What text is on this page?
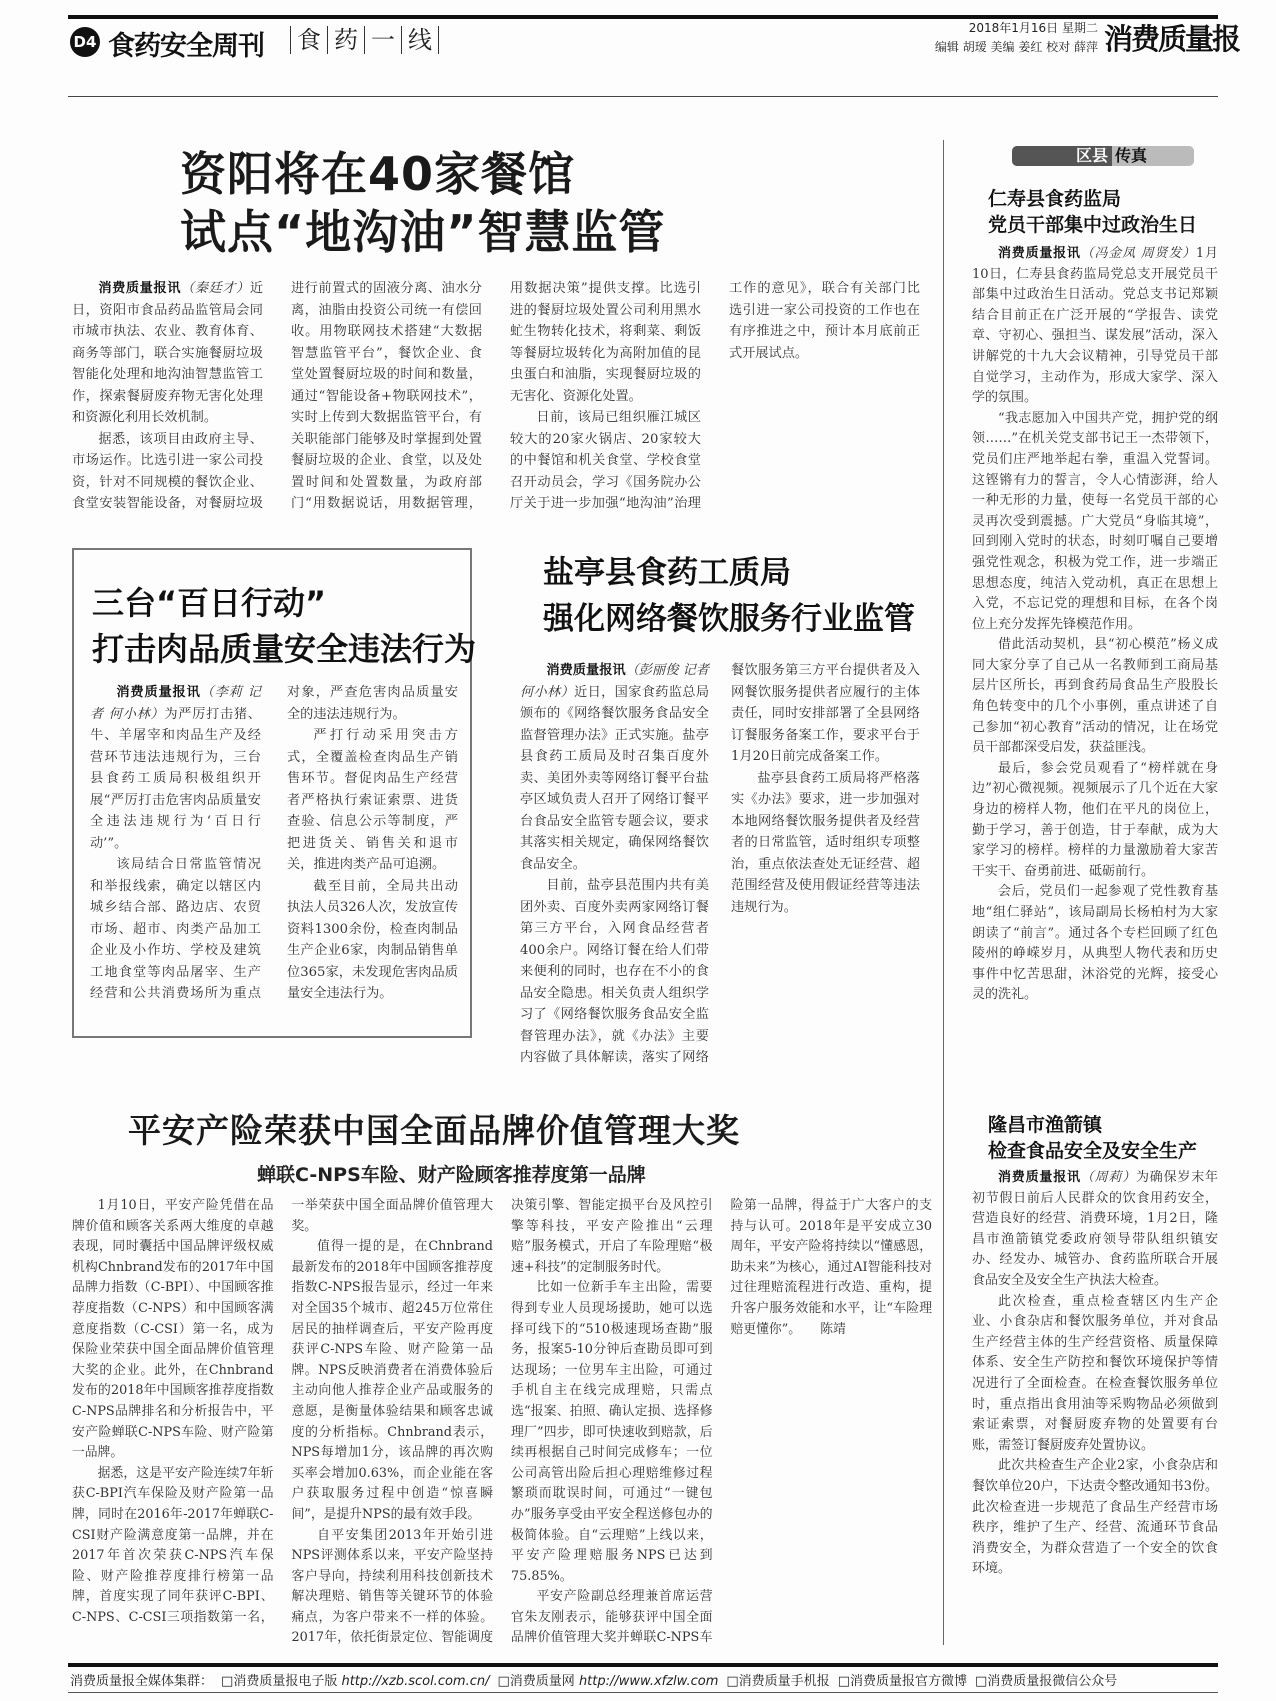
D4 食药安全周刊 食 药 一 线	2018年1月16日 星期二
编辑 胡瑷 美编 姜红 校对 薛萍 消费质量报
资阳将在40家餐馆
试点“地沟油”智慧监管

消费质量报讯（秦廷才）近日，资阳市食品药品监管局会同市城市执法、农业、教育体育、商务等部门，联合实施餐厨垃圾智能化处理和地沟油智慧监管工作，探索餐厨废弃物无害化处理和资源化利用长效机制。

据悉，该项目由政府主导、市场运作。比选引进一家公司投资，针对不同规模的餐饮企业、食堂安装智能设备，对餐厨垃圾进行前置式的固液分离、油水分离，油脂由投资公司统一有偿回收。用物联网技术搭建“大数据智慧监管平台”，餐饮企业、食堂处置餐厨垃圾的时间和数量，通过“智能设备+物联网技术”，实时上传到大数据监管平台，有关职能部门能够及时掌握到处置餐厨垃圾的企业、食堂，以及处置时间和处置数量，为政府部门“用数据说话，用数据管理，用数据决策”提供支撑。比选引进的餐厨垃圾处置公司利用黑水虻生物转化技术，将剩菜、剩饭等餐厨垃圾转化为高附加值的昆虫蛋白和油脂，实现餐厨垃圾的无害化、资源化处置。

日前，该局已组织雁江城区较大的20家火锅店、20家较大的中餐馆和机关食堂、学校食堂召开动员会，学习《国务院办公厅关于进一步加强“地沟油”治理工作的意见》，联合有关部门比选引进一家公司投资的工作也在有序推进之中，预计本月底前正式开展试点。

三台“百日行动”
打击肉品质量安全违法行为

消费质量报讯（李莉 记者 何小林）为严厉打击猪、牛、羊屠宰和肉品生产及经营环节违法违规行为，三台县食药工质局积极组织开展“严厉打击危害肉品质量安全违法违规行为‘百日行动’”。

该局结合日常监管情况和举报线索，确定以辖区内城乡结合部、路边店、农贸市场、超市、肉类产品加工企业及小作坊、学校及建筑工地食堂等肉品屠宰、生产经营和公共消费场所为重点对象，严查危害肉品质量安全的违法违规行为。

严打行动采用突击方式，全覆盖检查肉品生产销售环节。督促肉品生产经营者严格执行索证索票、进货查验、信息公示等制度，严把进货关、销售关和退市关，推进肉类产品可追溯。

截至目前，全局共出动执法人员326人次，发放宣传资料1300余份，检查肉制品生产企业6家，肉制品销售单位365家，未发现危害肉品质量安全违法行为。

盐亭县食药工质局
强化网络餐饮服务行业监管

消费质量报讯（彭丽俊 记者 何小林）近日，国家食药监总局颁布的《网络餐饮服务食品安全监督管理办法》正式实施。盐亭县食药工质局及时召集百度外卖、美团外卖等网络订餐平台盐亭区域负责人召开了网络订餐平台食品安全监管专题会议，要求其落实相关规定，确保网络餐饮食品安全。

目前，盐亭县范围内共有美团外卖、百度外卖两家网络订餐第三方平台，入网食品经营者400余户。网络订餐在给人们带来便利的同时，也存在不小的食品安全隐患。相关负责人组织学习了《网络餐饮服务食品安全监督管理办法》，就《办法》主要内容做了具体解读，落实了网络餐饮服务第三方平台提供者及入网餐饮服务提供者应履行的主体责任，同时安排部署了全县网络订餐服务备案工作，要求平台于1月20日前完成备案工作。

盐亭县食药工质局将严格落实《办法》要求，进一步加强对本地网络餐饮服务提供者及经营者的日常监管，适时组织专项整治，重点依法查处无证经营、超范围经营及使用假证经营等违法违规行为。

区县 传真
仁寿县食药监局
党员干部集中过政治生日

消费质量报讯（冯金凤 周贤发）1月10日，仁寿县食药监局党总支开展党员干部集中过政治生日活动。党总支书记郑颖结合目前正在广泛开展的“学报告、读党章、守初心、强担当、谋发展”活动，深入讲解党的十九大会议精神，引导党员干部自觉学习，主动作为，形成大家学、深入学的氛围。

“我志愿加入中国共产党，拥护党的纲领……”在机关党支部书记王一杰带领下，党员们庄严地举起右拳，重温入党誓词。这铿锵有力的誓言，令人心情澎湃，给人一种无形的力量，使每一名党员干部的心灵再次受到震撼。广大党员“身临其境”，回到刚入党时的状态，时刻叮嘱自己要增强党性观念，积极为党工作，进一步端正思想态度，纯洁入党动机，真正在思想上入党，不忘记党的理想和目标，在各个岗位上充分发挥先锋模范作用。

借此活动契机，县“初心模范”杨义成同大家分享了自己从一名教师到工商局基层片区所长，再到食药局食品生产股股长角色转变中的几个小事例，重点讲述了自己参加“初心教育”活动的情况，让在场党员干部都深受启发，获益匪浅。

最后，参会党员观看了“榜样就在身边”初心微视频。视频展示了几个近在大家身边的榜样人物，他们在平凡的岗位上，勤于学习，善于创造，甘于奉献，成为大家学习的榜样。榜样的力量激励着大家苦干实干、奋勇前进、砥砺前行。

会后，党员们一起参观了党性教育基地“组仁驿站”，该局副局长杨柏村为大家朗读了“前言”。通过各个专栏回顾了红色陵州的峥嵘岁月，从典型人物代表和历史事件中忆苦思甜，沐浴党的光辉，接受心灵的洗礼。

隆昌市渔箭镇
检查食品安全及安全生产

消费质量报讯（周莉）为确保岁末年初节假日前后人民群众的饮食用药安全，营造良好的经营、消费环境，1月2日，隆昌市渔箭镇党委政府领导带队组织镇安办、经发办、城管办、食药监所联合开展食品安全及安全生产执法大检查。

此次检查，重点检查辖区内生产企业、小食杂店和餐饮服务单位，并对食品生产经营主体的生产经营资格、质量保障体系、安全生产防控和餐饮环境保护等情况进行了全面检查。在检查餐饮服务单位时，重点指出食用油等采购物品必须做到索证索票，对餐厨废弃物的处置要有台账，需签订餐厨废弃处置协议。

此次共检查生产企业2家，小食杂店和餐饮单位20户，下达责令整改通知书3份。此次检查进一步规范了食品生产经营市场秩序，维护了生产、经营、流通环节食品消费安全，为群众营造了一个安全的饮食环境。

平安产险荣获中国全面品牌价值管理大奖
蝉联C-NPS车险、财产险顾客推荐度第一品牌

1月10日，平安产险凭借在品牌价值和顾客关系两大维度的卓越表现，同时囊括中国品牌评级权威机构Chnbrand发布的2017年中国品牌力指数（C-BPI）、中国顾客推荐度指数（C-NPS）和中国顾客满意度指数（C-CSI）第一名，成为保险业荣获中国全面品牌价值管理大奖的企业。此外，在Chnbrand发布的2018年中国顾客推荐度指数C-NPS品牌排名和分析报告中，平安产险蝉联C-NPS车险、财产险第一品牌。

据悉，这是平安产险连续7年斩获C-BPI汽车保险及财产险第一品牌，同时在2016年-2017年蝉联C-CSI财产险满意度第一品牌，并在2017年首次荣获C-NPS汽车保险、财产险推荐度排行榜第一品牌，首度实现了同年获评C-BPI、C-NPS、C-CSI三项指数第一名，一举荣获中国全面品牌价值管理大奖。

值得一提的是，在Chnbrand最新发布的2018年中国顾客推荐度指数C-NPS报告显示，经过一年来对全国35个城市、超245万位常住居民的抽样调查后，平安产险再度获评C-NPS车险、财产险第一品牌。NPS反映消费者在消费体验后主动向他人推荐企业产品或服务的意愿，是衡量体验结果和顾客忠诚度的分析指标。Chnbrand表示，NPS每增加1分，该品牌的再次购买率会增加0.63%，而企业能在客户获取服务过程中创造“惊喜瞬间”，是提升NPS的最有效手段。

自平安集团2013年开始引进NPS评测体系以来，平安产险坚持客户导向，持续利用科技创新技术解决理赔、销售等关键环节的体验痛点，为客户带来不一样的体验。2017年，依托街景定位、智能调度决策引擎、智能定损平台及风控引擎等科技，平安产险推出“云理赔”服务模式，开启了车险理赔“极速+科技”的定制服务时代。

比如一位新手车主出险，需要得到专业人员现场援助，她可以选择可线下的“510极速现场查勘”服务，报案5-10分钟后查勘员即可到达现场；一位男车主出险，可通过手机自主在线完成理赔，只需点选“报案、拍照、确认定损、选择修理厂”四步，即可快速收到赔款，后续再根据自己时间完成修车；一位公司高管出险后担心理赔维修过程繁琐而耽误时间，可通过“一键包办”服务享受由平安全程送修包办的极简体验。自“云理赔”上线以来，平安产险理赔服务NPS已达到75.85%。

平安产险副总经理兼首席运营官朱友刚表示，能够获评中国全面品牌价值管理大奖并蝉联C-NPS车险第一品牌，得益于广大客户的支持与认可。2018年是平安成立30周年，平安产险将持续以“懂感恩，助未来”为核心，通过AI智能科技对过往理赔流程进行改造、重构，提升客户服务效能和水平，让“车险理赔更懂你”。 陈靖

消费质量报全媒体集群： □消费质量报电子版 http://xzb.scol.com.cn/ □消费质量网 http://www.xfzlw.com □消费质量手机报 □消费质量报官方微博 □消费质量报微信公众号
